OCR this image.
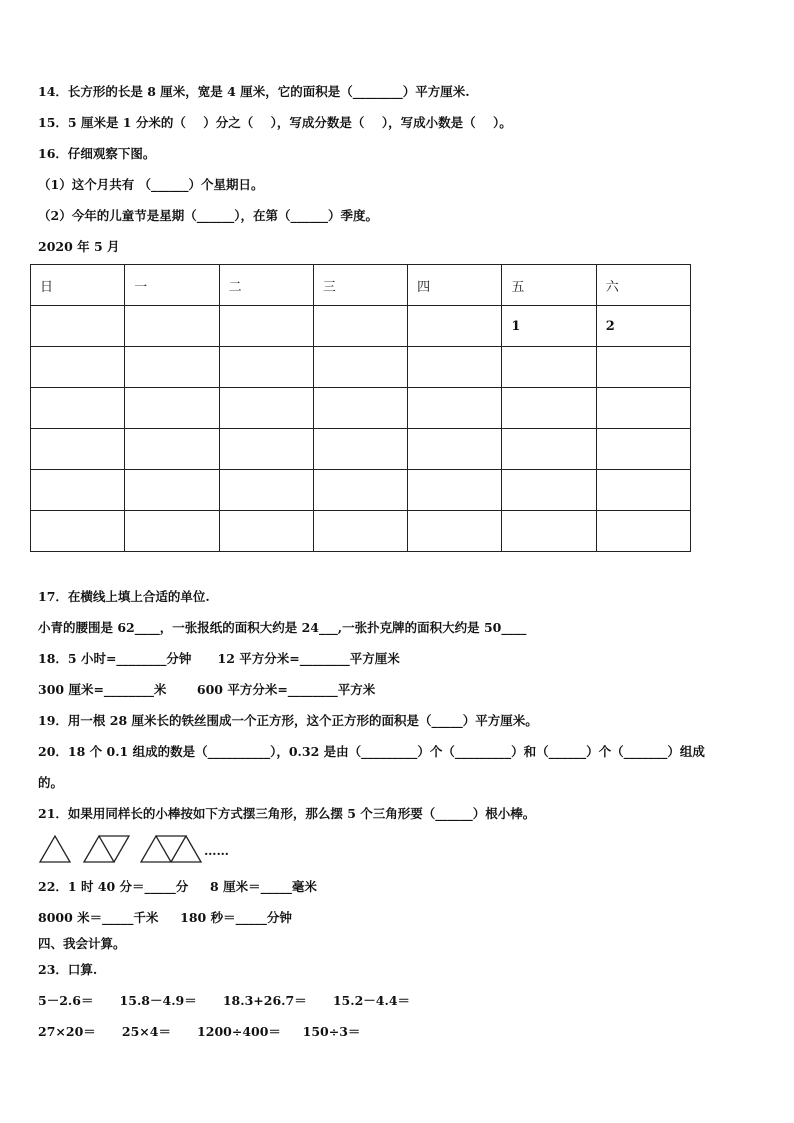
14．长方形的长是 8 厘米，宽是 4 厘米，它的面积是（________）平方厘米.
15．5 厘米是 1 分米的（    ）分之（    ），写成分数是（    ），写成小数是（    ）。
16．仔细观察下图。
（1）这个月共有 （______）个星期日。
（2）今年的儿童节是星期（______），在第（______）季度。
2020 年 5 月
日	一	二	三	四	五	六
					1	2

17．在横线上填上合适的单位.
小青的腰围是 62____，一张报纸的面积大约是 24___,一张扑克牌的面积大约是 50____
18．5 小时=________分钟      12 平方分米=________平方厘米
300 厘米=________米       600 平方分米=________平方米
19．用一根 28 厘米长的铁丝围成一个正方形，这个正方形的面积是（_____）平方厘米。
20．18 个 0.1 组成的数是（__________），0.32 是由（_________）个（_________）和（______）个（_______）组成
的。
21．如果用同样长的小棒按如下方式摆三角形，那么摆 5 个三角形要（______）根小棒。
……
22．1 时 40 分＝_____分     8 厘米＝_____毫米
8000 米＝_____千米     180 秒＝_____分钟
四、我会计算。
23．口算.
5－2.6＝      15.8－4.9＝      18.3+26.7＝      15.2－4.4＝
27×20＝      25×4＝      1200÷400＝     150÷3＝
